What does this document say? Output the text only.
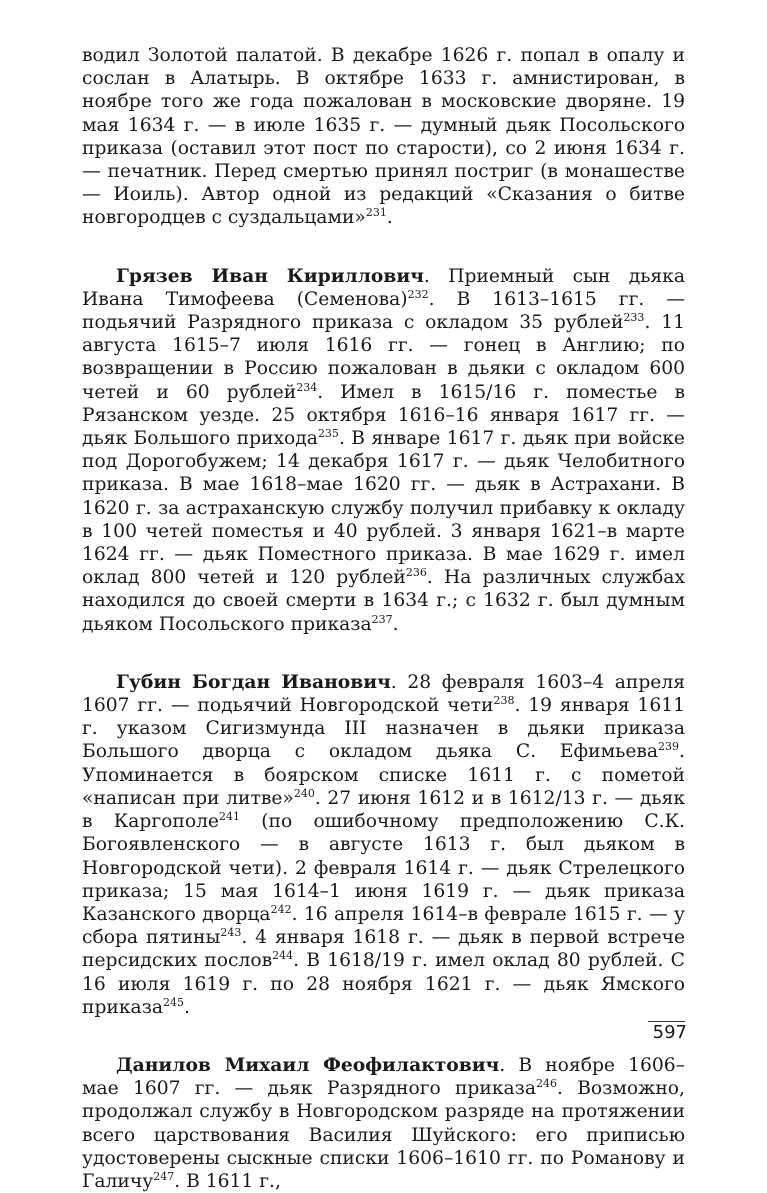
водил Золотой палатой. В декабре 1626 г. попал в опалу и сослан в Алатырь. В октябре 1633 г. амнистирован, в ноябре того же года пожалован в московские дворяне. 19 мая 1634 г. — в июле 1635 г. — думный дьяк Посольского приказа (оставил этот пост по старости), со 2 июня 1634 г. — печатник. Перед смертью принял постриг (в монашестве — Иоиль). Автор одной из редакций «Сказания о битве новгородцев с суздальцами»$^{231}$.

Грязев Иван Кириллович. Приемный сын дьяка Ивана Тимофеева (Семенова)$^{232}$. В 1613–1615 гг. — подьячий Разрядного приказа с окладом 35 рублей$^{233}$. 11 августа 1615–7 июля 1616 гг. — гонец в Англию; по возвращении в Россию пожалован в дьяки с окладом 600 четей и 60 рублей$^{234}$. Имел в 1615/16 г. поместье в Рязанском уезде. 25 октября 1616–16 января 1617 гг. — дьяк Большого прихода$^{235}$. В январе 1617 г. дьяк при войске под Дорогобужем; 14 декабря 1617 г. — дьяк Челобитного приказа. В мае 1618–мае 1620 гг. — дьяк в Астрахани. В 1620 г. за астраханскую службу получил прибавку к окладу в 100 четей поместья и 40 рублей. 3 января 1621–в марте 1624 гг. — дьяк Поместного приказа. В мае 1629 г. имел оклад 800 четей и 120 рублей$^{236}$. На различных службах находился до своей смерти в 1634 г.; с 1632 г. был думным дьяком Посольского приказа$^{237}$.

Губин Богдан Иванович. 28 февраля 1603–4 апреля 1607 гг. — подьячий Новгородской чети$^{238}$. 19 января 1611 г. указом Сигизмунда III назначен в дьяки приказа Большого дворца с окладом дьяка С. Ефимьева$^{239}$. Упоминается в боярском списке 1611 г. с пометой «написан при литве»$^{240}$. 27 июня 1612 и в 1612/13 г. — дьяк в Каргополе$^{241}$ (по ошибочному предположению С.К. Богоявленского — в августе 1613 г. был дьяком в Новгородской чети). 2 февраля 1614 г. — дьяк Стрелецкого приказа; 15 мая 1614–1 июня 1619 г. — дьяк приказа Казанского дворца$^{242}$. 16 апреля 1614–в феврале 1615 г. — у сбора пятины$^{243}$. 4 января 1618 г. — дьяк в первой встрече персидских послов$^{244}$. В 1618/19 г. имел оклад 80 рублей. С 16 июля 1619 г. по 28 ноября 1621 г. — дьяк Ямского приказа$^{245}$.

Данилов Михаил Феофилактович. В ноябре 1606–мае 1607 гг. — дьяк Разрядного приказа$^{246}$. Возможно, продолжал службу в Новгородском разряде на протяжении всего царствования Василия Шуйского: его приписью удостоверены сыскные списки 1606–1610 гг. по Романову и Галичу$^{247}$. В 1611 г.,

597
